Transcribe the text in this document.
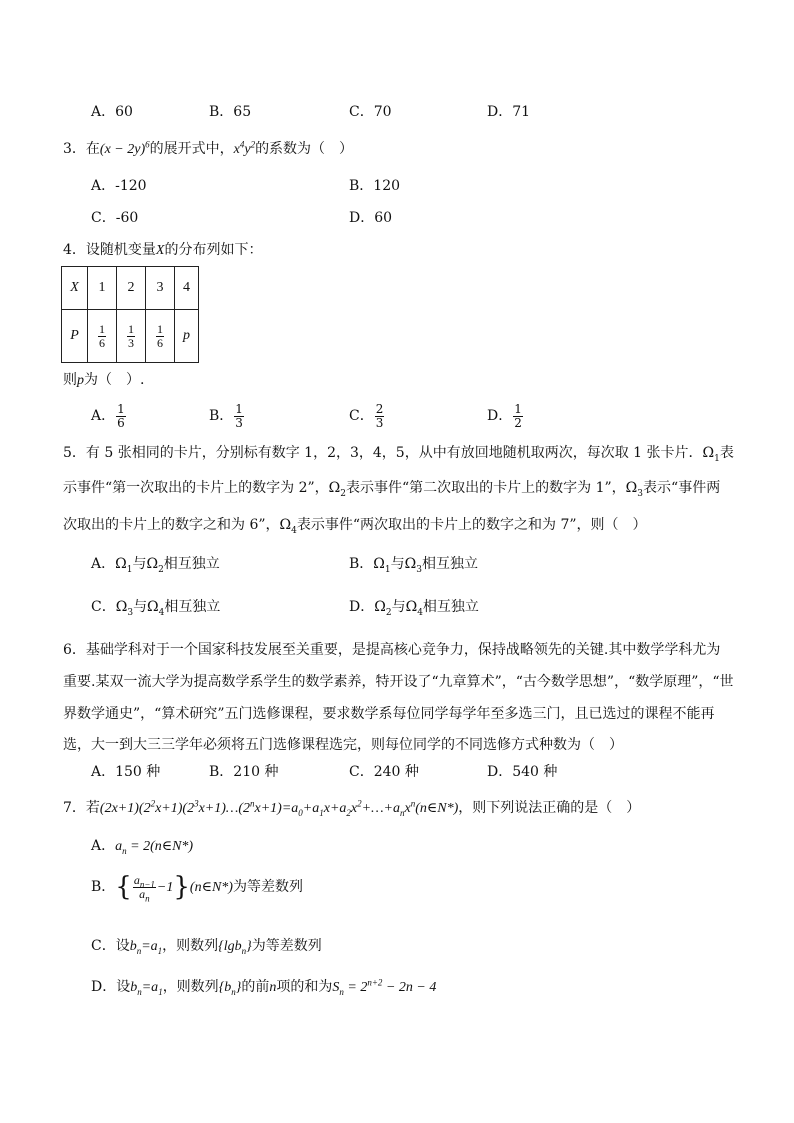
A．60	B．65	C．70	D．71
3．在$(x - 2y)^6$的展开式中，$x^4y^2$的系数为（　）
A．-120	B．120
C．-60	D．60
4．设随机变量X的分布列如下：
X	1	2	3	4
P	$\frac{1}{6}$	$\frac{1}{3}$	$\frac{1}{6}$	p
则p为（　）.
A． $\frac{1}{6}$	B． $\frac{1}{3}$	C． $\frac{2}{3}$	D． $\frac{1}{2}$
5．有 5 张相同的卡片，分别标有数字 1，2，3，4，5，从中有放回地随机取两次，每次取 1 张卡片．$\Omega_1$表
示事件“第一次取出的卡片上的数字为 2”，$\Omega_2$表示事件“第二次取出的卡片上的数字为 1”，$\Omega_3$表示“事件两
次取出的卡片上的数字之和为 6”，$\Omega_4$表示事件“两次取出的卡片上的数字之和为 7”，则（　）
A．$\Omega_1$与$\Omega_2$相互独立	B．$\Omega_1$与$\Omega_3$相互独立
C．$\Omega_3$与$\Omega_4$相互独立	D．$\Omega_2$与$\Omega_4$相互独立
6．基础学科对于一个国家科技发展至关重要，是提高核心竞争力，保持战略领先的关键.其中数学学科尤为
重要.某双一流大学为提高数学系学生的数学素养，特开设了“九章算术”，“古今数学思想”，“数学原理”，“世
界数学通史”，“算术研究”五门选修课程，要求数学系每位同学每学年至多选三门，且已选过的课程不能再
选，大一到大三三学年必须将五门选修课程选完，则每位同学的不同选修方式种数为（　）
A．150 种	B．210 种	C．240 种	D．540 种
7．若$(2x+1)(2^2x+1)(2^3x+1)\dots(2^nx+1)=a_0+a_1x+a_2x^2+\dots+a_nx^n(n\in N*)$，则下列说法正确的是（　）
A．$a_n$ = 2(n∈N*)
B．{ $\frac{a_{n-1}}{a_n}$ −1}(n∈N*)为等差数列
C．设$b_n=a_1$，则数列{lgb$_n$}为等差数列
D．设$b_n=a_1$，则数列$\{b_n\}$的前n项的和为$S_n = 2^{n+2} - 2n - 4$
